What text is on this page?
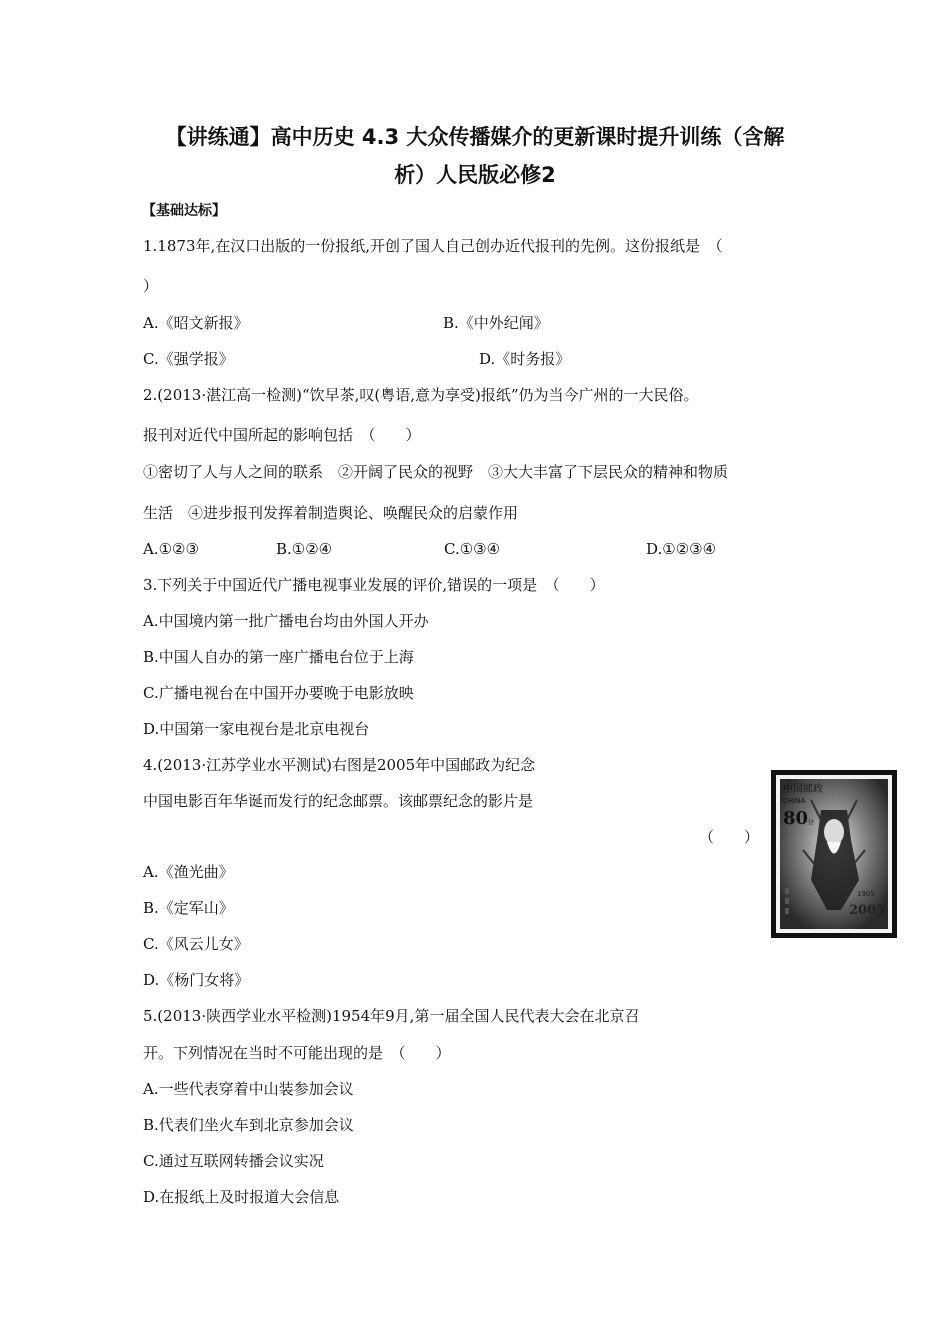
【讲练通】高中历史 4.3 大众传播媒介的更新课时提升训练（含解
析）人民版必修2
【基础达标】
1.1873年,在汉口出版的一份报纸,开创了国人自己创办近代报刊的先例。这份报纸是　（
）
A.《昭文新报》	B.《中外纪闻》
C.《强学报》	D.《时务报》
2.(2013·湛江高一检测)“饮早茶,叹(粤语,意为享受)报纸”仍为当今广州的一大民俗。
报刊对近代中国所起的影响包括　（　　）
①密切了人与人之间的联系　②开阔了民众的视野　③大大丰富了下层民众的精神和物质
生活　④进步报刊发挥着制造舆论、唤醒民众的启蒙作用
A.①②③	B.①②④	C.①③④	D.①②③④
3.下列关于中国近代广播电视事业发展的评价,错误的一项是　（　　）
A.中国境内第一批广播电台均由外国人开办
B.中国人自办的第一座广播电台位于上海
C.广播电视台在中国开办要晚于电影放映
D.中国第一家电视台是北京电视台
4.(2013·江苏学业水平测试)右图是2005年中国邮政为纪念
中国电影百年华诞而发行的纪念邮票。该邮票纪念的影片是
（　　）
A.《渔光曲》
B.《定军山》
C.《风云儿女》
D.《杨门女将》
中国邮政
CHINA
80
分
1905
2005
5.(2013·陕西学业水平检测)1954年9月,第一届全国人民代表大会在北京召
开。下列情况在当时不可能出现的是　（　　）
A.一些代表穿着中山装参加会议
B.代表们坐火车到北京参加会议
C.通过互联网转播会议实况
D.在报纸上及时报道大会信息
